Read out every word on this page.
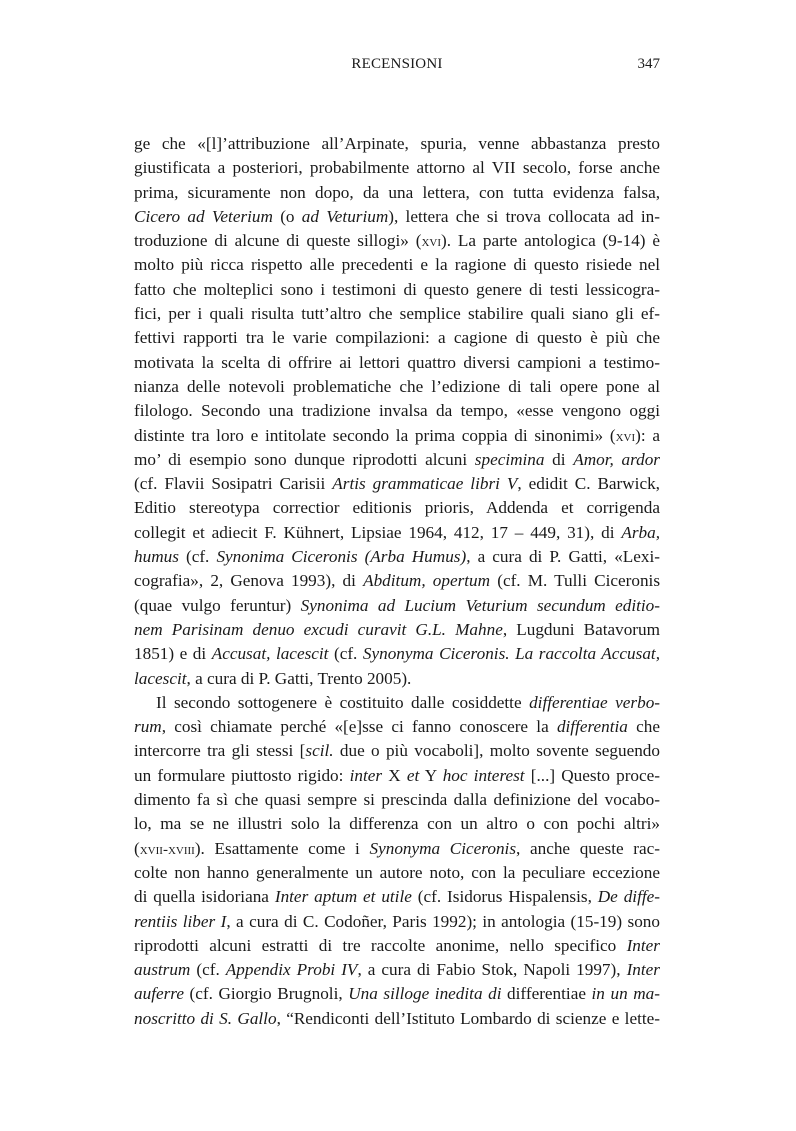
RECENSIONI	347
ge che «[l]’attribuzione all’Arpinate, spuria, venne abbastanza presto
giustificata a posteriori, probabilmente attorno al VII secolo, forse anche
prima, sicuramente non dopo, da una lettera, con tutta evidenza falsa,
Cicero ad Veterium (o ad Veturium), lettera che si trova collocata ad in-
troduzione di alcune di queste sillogi» (xvi). La parte antologica (9-14) è
molto più ricca rispetto alle precedenti e la ragione di questo risiede nel
fatto che molteplici sono i testimoni di questo genere di testi lessicogra-
fici, per i quali risulta tutt’altro che semplice stabilire quali siano gli ef-
fettivi rapporti tra le varie compilazioni: a cagione di questo è più che
motivata la scelta di offrire ai lettori quattro diversi campioni a testimo-
nianza delle notevoli problematiche che l’edizione di tali opere pone al
filologo. Secondo una tradizione invalsa da tempo, «esse vengono oggi
distinte tra loro e intitolate secondo la prima coppia di sinonimi» (xvi): a
mo’ di esempio sono dunque riprodotti alcuni specimina di Amor, ardor
(cf. Flavii Sosipatri Carisii Artis grammaticae libri V, edidit C. Barwick,
Editio stereotypa correctior editionis prioris, Addenda et corrigenda
collegit et adiecit F. Kühnert, Lipsiae 1964, 412, 17 – 449, 31), di Arba,
humus (cf. Synonima Ciceronis (Arba Humus), a cura di P. Gatti, «Lexi-
cografia», 2, Genova 1993), di Abditum, opertum (cf. M. Tulli Ciceronis
(quae vulgo feruntur) Synonima ad Lucium Veturium secundum editio-
nem Parisinam denuo excudi curavit G.L. Mahne, Lugduni Batavorum
1851) e di Accusat, lacescit (cf. Synonyma Ciceronis. La raccolta Accusat,
lacescit, a cura di P. Gatti, Trento 2005).
Il secondo sottogenere è costituito dalle cosiddette differentiae verbo-
rum, così chiamate perché «[e]sse ci fanno conoscere la differentia che
intercorre tra gli stessi [scil. due o più vocaboli], molto sovente seguendo
un formulare piuttosto rigido: inter X et Y hoc interest [...] Questo proce-
dimento fa sì che quasi sempre si prescinda dalla definizione del vocabo-
lo, ma se ne illustri solo la differenza con un altro o con pochi altri»
(xvii-xviii). Esattamente come i Synonyma Ciceronis, anche queste rac-
colte non hanno generalmente un autore noto, con la peculiare eccezione
di quella isidoriana Inter aptum et utile (cf. Isidorus Hispalensis, De diffe-
rentiis liber I, a cura di C. Codoñer, Paris 1992); in antologia (15-19) sono
riprodotti alcuni estratti di tre raccolte anonime, nello specifico Inter
austrum (cf. Appendix Probi IV, a cura di Fabio Stok, Napoli 1997), Inter
auferre (cf. Giorgio Brugnoli, Una silloge inedita di differentiae in un ma-
noscritto di S. Gallo, “Rendiconti dell’Istituto Lombardo di scienze e lette-
